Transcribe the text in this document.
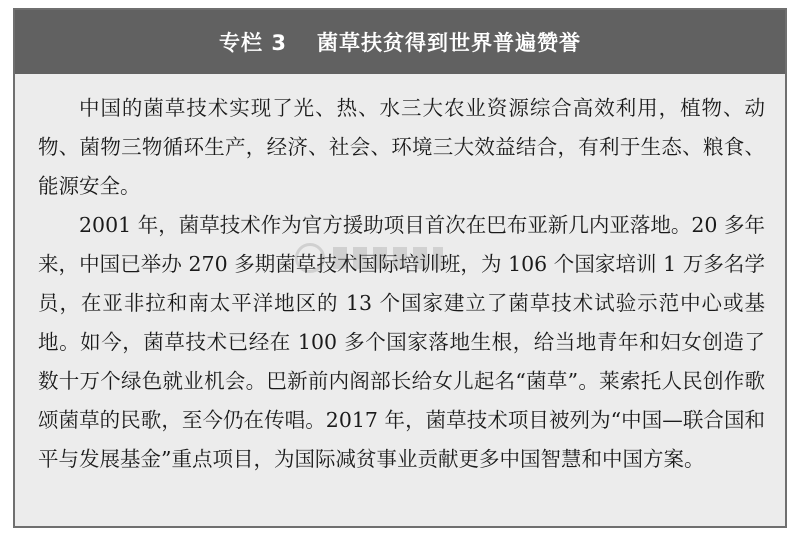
专栏 3 菌草扶贫得到世界普遍赞誉

中国的菌草技术实现了光、热、水三大农业资源综合高效利用，植物、动物、菌物三物循环生产，经济、社会、环境三大效益结合，有利于生态、粮食、能源安全。

2001 年，菌草技术作为官方援助项目首次在巴布亚新几内亚落地。20 多年来，中国已举办 270 多期菌草技术国际培训班，为 106 个国家培训 1 万多名学员，在亚非拉和南太平洋地区的 13 个国家建立了菌草技术试验示范中心或基地。如今，菌草技术已经在 100 多个国家落地生根，给当地青年和妇女创造了数十万个绿色就业机会。巴新前内阁部长给女儿起名“菌草”。莱索托人民创作歌颂菌草的民歌，至今仍在传唱。2017 年，菌草技术项目被列为“中国—联合国和平与发展基金”重点项目，为国际减贫事业贡献更多中国智慧和中国方案。
